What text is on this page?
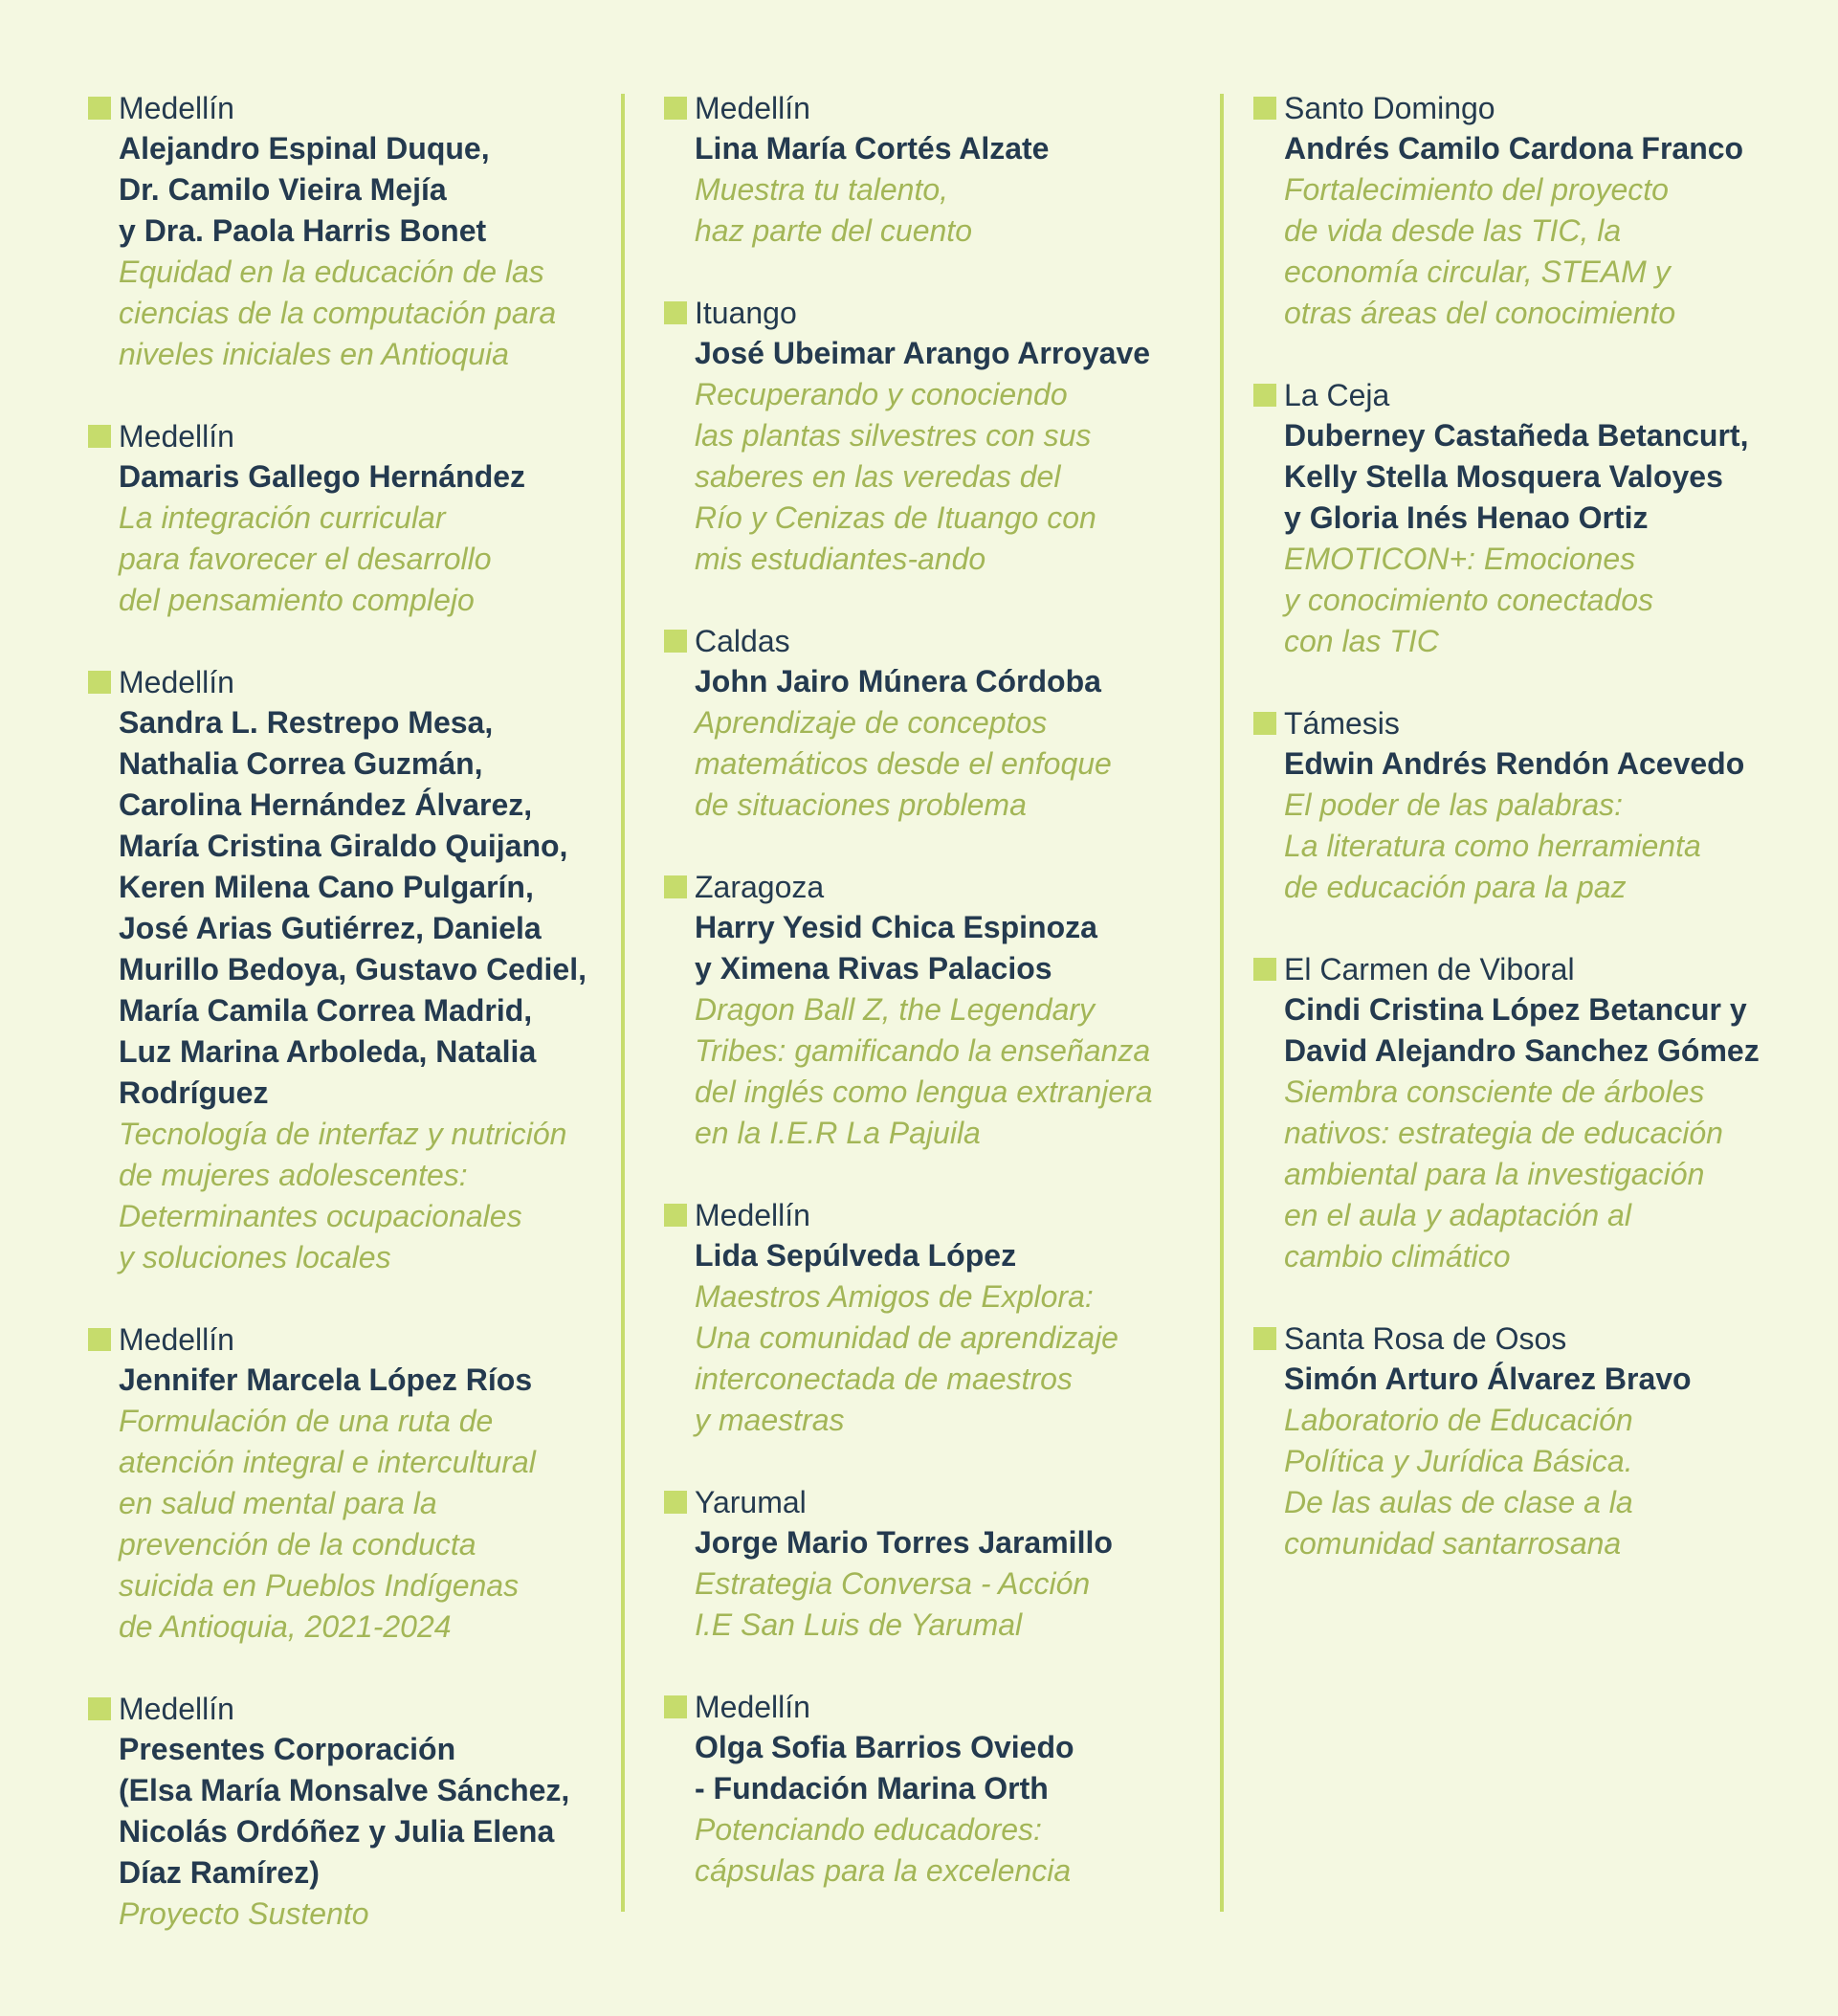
Medellín
Alejandro Espinal Duque,
Dr. Camilo Vieira Mejía
y Dra. Paola Harris Bonet
Equidad en la educación de las
ciencias de la computación para
niveles iniciales en Antioquia
Medellín
Damaris Gallego Hernández
La integración curricular
para favorecer el desarrollo
del pensamiento complejo
Medellín
Sandra L. Restrepo Mesa,
Nathalia Correa Guzmán,
Carolina Hernández Álvarez,
María Cristina Giraldo Quijano,
Keren Milena Cano Pulgarín,
José Arias Gutiérrez, Daniela
Murillo Bedoya, Gustavo Cediel,
María Camila Correa Madrid,
Luz Marina Arboleda, Natalia
Rodríguez
Tecnología de interfaz y nutrición
de mujeres adolescentes:
Determinantes ocupacionales
y soluciones locales
Medellín
Jennifer Marcela López Ríos
Formulación de una ruta de
atención integral e intercultural
en salud mental para la
prevención de la conducta
suicida en Pueblos Indígenas
de Antioquia, 2021-2024
Medellín
Presentes Corporación
(Elsa María Monsalve Sánchez,
Nicolás Ordóñez y Julia Elena
Díaz Ramírez)
Proyecto Sustento
Medellín
Lina María Cortés Alzate
Muestra tu talento,
haz parte del cuento
Ituango
José Ubeimar Arango Arroyave
Recuperando y conociendo
las plantas silvestres con sus
saberes en las veredas del
Río y Cenizas de Ituango con
mis estudiantes-ando
Caldas
John Jairo Múnera Córdoba
Aprendizaje de conceptos
matemáticos desde el enfoque
de situaciones problema
Zaragoza
Harry Yesid Chica Espinoza
y Ximena Rivas Palacios
Dragon Ball Z, the Legendary
Tribes: gamificando la enseñanza
del inglés como lengua extranjera
en la I.E.R La Pajuila
Medellín
Lida Sepúlveda López
Maestros Amigos de Explora:
Una comunidad de aprendizaje
interconectada de maestros
y maestras
Yarumal
Jorge Mario Torres Jaramillo
Estrategia Conversa - Acción
I.E San Luis de Yarumal
Medellín
Olga Sofia Barrios Oviedo
- Fundación Marina Orth
Potenciando educadores:
cápsulas para la excelencia
Santo Domingo
Andrés Camilo Cardona Franco
Fortalecimiento del proyecto
de vida desde las TIC, la
economía circular, STEAM y
otras áreas del conocimiento
La Ceja
Duberney Castañeda Betancurt,
Kelly Stella Mosquera Valoyes
y Gloria Inés Henao Ortiz
EMOTICON+: Emociones
y conocimiento conectados
con las TIC
Támesis
Edwin Andrés Rendón Acevedo
El poder de las palabras:
La literatura como herramienta
de educación para la paz
El Carmen de Viboral
Cindi Cristina López Betancur y
David Alejandro Sanchez Gómez
Siembra consciente de árboles
nativos: estrategia de educación
ambiental para la investigación
en el aula y adaptación al
cambio climático
Santa Rosa de Osos
Simón Arturo Álvarez Bravo
Laboratorio de Educación
Política y Jurídica Básica.
De las aulas de clase a la
comunidad santarrosana
